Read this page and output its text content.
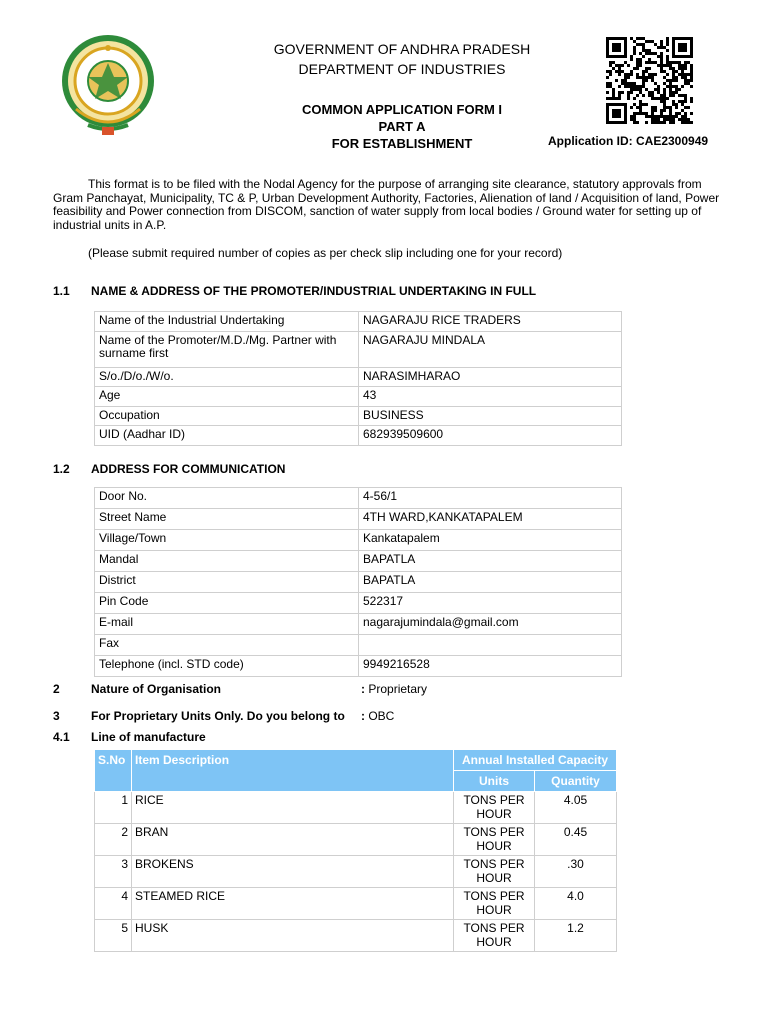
GOVERNMENT OF ANDHRA PRADESH
DEPARTMENT OF INDUSTRIES
COMMON APPLICATION FORM I
PART A
FOR ESTABLISHMENT	Application ID: CAE2300949

This format is to be filed with the Nodal Agency for the purpose of arranging site clearance, statutory approvals from Gram Panchayat, Municipality, TC & P, Urban Development Authority, Factories, Alienation of land / Acquisition of land, Power feasibility and Power connection from DISCOM, sanction of water supply from local bodies / Ground water for setting up of industrial units in A.P.

(Please submit required number of copies as per check slip including one for your record)
1.1 NAME & ADDRESS OF THE PROMOTER/INDUSTRIAL UNDERTAKING IN FULL
Name of the Industrial Undertaking	NAGARAJU RICE TRADERS
Name of the Promoter/M.D./Mg. Partner with surname first	NAGARAJU MINDALA
S/o./D/o./W/o.	NARASIMHARAO
Age	43
Occupation	BUSINESS
UID (Aadhar ID)	682939509600
1.2 ADDRESS FOR COMMUNICATION
Door No.	4-56/1
Street Name	4TH WARD,KANKATAPALEM
Village/Town	Kankatapalem
Mandal	BAPATLA
District	BAPATLA
Pin Code	522317
E-mail	nagarajumindala@gmail.com
Fax	
Telephone (incl. STD code)	9949216528
2	Nature of Organisation	: Proprietary
3	For Proprietary Units Only. Do you belong to : OBC
4.1 Line of manufacture
S.No	Item Description	Annual Installed Capacity	
		Units	Quantity
1	RICE	TONS PER HOUR	4.05
2	BRAN	TONS PER HOUR	0.45
3	BROKENS	TONS PER HOUR	.30
4	STEAMED RICE	TONS PER HOUR	4.0
5	HUSK	TONS PER HOUR	1.2
